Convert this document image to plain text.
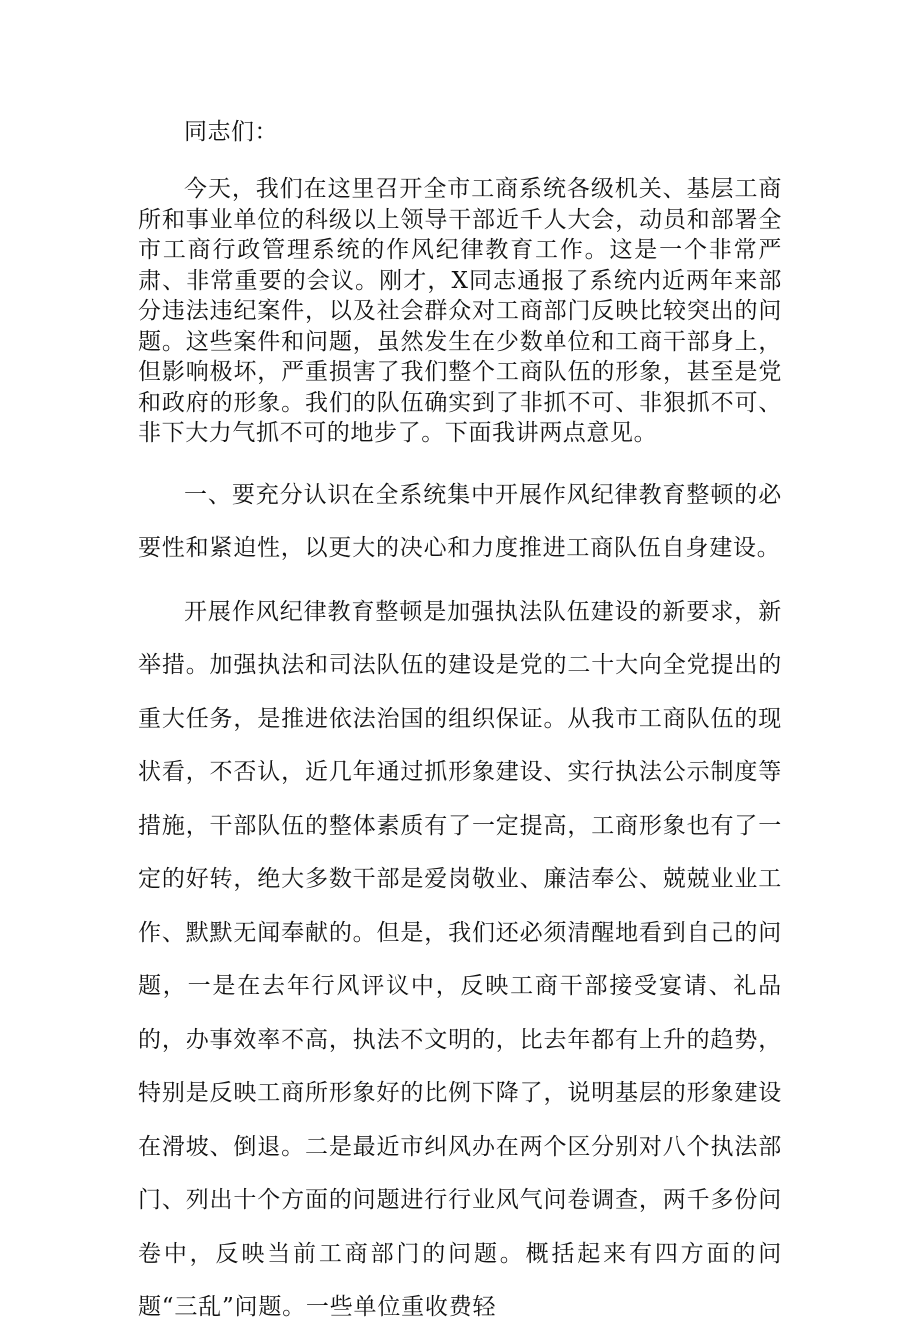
同志们：

今天，我们在这里召开全市工商系统各级机关、基层工商所和事业单位的科级以上领导干部近千人大会，动员和部署全市工商行政管理系统的作风纪律教育工作。这是一个非常严肃、非常重要的会议。刚才，X同志通报了系统内近两年来部分违法违纪案件，以及社会群众对工商部门反映比较突出的问题。这些案件和问题，虽然发生在少数单位和工商干部身上，但影响极坏，严重损害了我们整个工商队伍的形象，甚至是党和政府的形象。我们的队伍确实到了非抓不可、非狠抓不可、非下大力气抓不可的地步了。下面我讲两点意见。

一、要充分认识在全系统集中开展作风纪律教育整顿的必要性和紧迫性，以更大的决心和力度推进工商队伍自身建设。

开展作风纪律教育整顿是加强执法队伍建设的新要求，新举措。加强执法和司法队伍的建设是党的二十大向全党提出的重大任务，是推进依法治国的组织保证。从我市工商队伍的现状看，不否认，近几年通过抓形象建设、实行执法公示制度等措施，干部队伍的整体素质有了一定提高，工商形象也有了一定的好转，绝大多数干部是爱岗敬业、廉洁奉公、兢兢业业工作、默默无闻奉献的。但是，我们还必须清醒地看到自己的问题，一是在去年行风评议中，反映工商干部接受宴请、礼品的，办事效率不高，执法不文明的，比去年都有上升的趋势，特别是反映工商所形象好的比例下降了，说明基层的形象建设在滑坡、倒退。二是最近市纠风办在两个区分别对八个执法部门、列出十个方面的问题进行行业风气问卷调查，两千多份问卷中，反映当前工商部门的问题。概括起来有四方面的问题“三乱”问题。一些单位重收费轻
